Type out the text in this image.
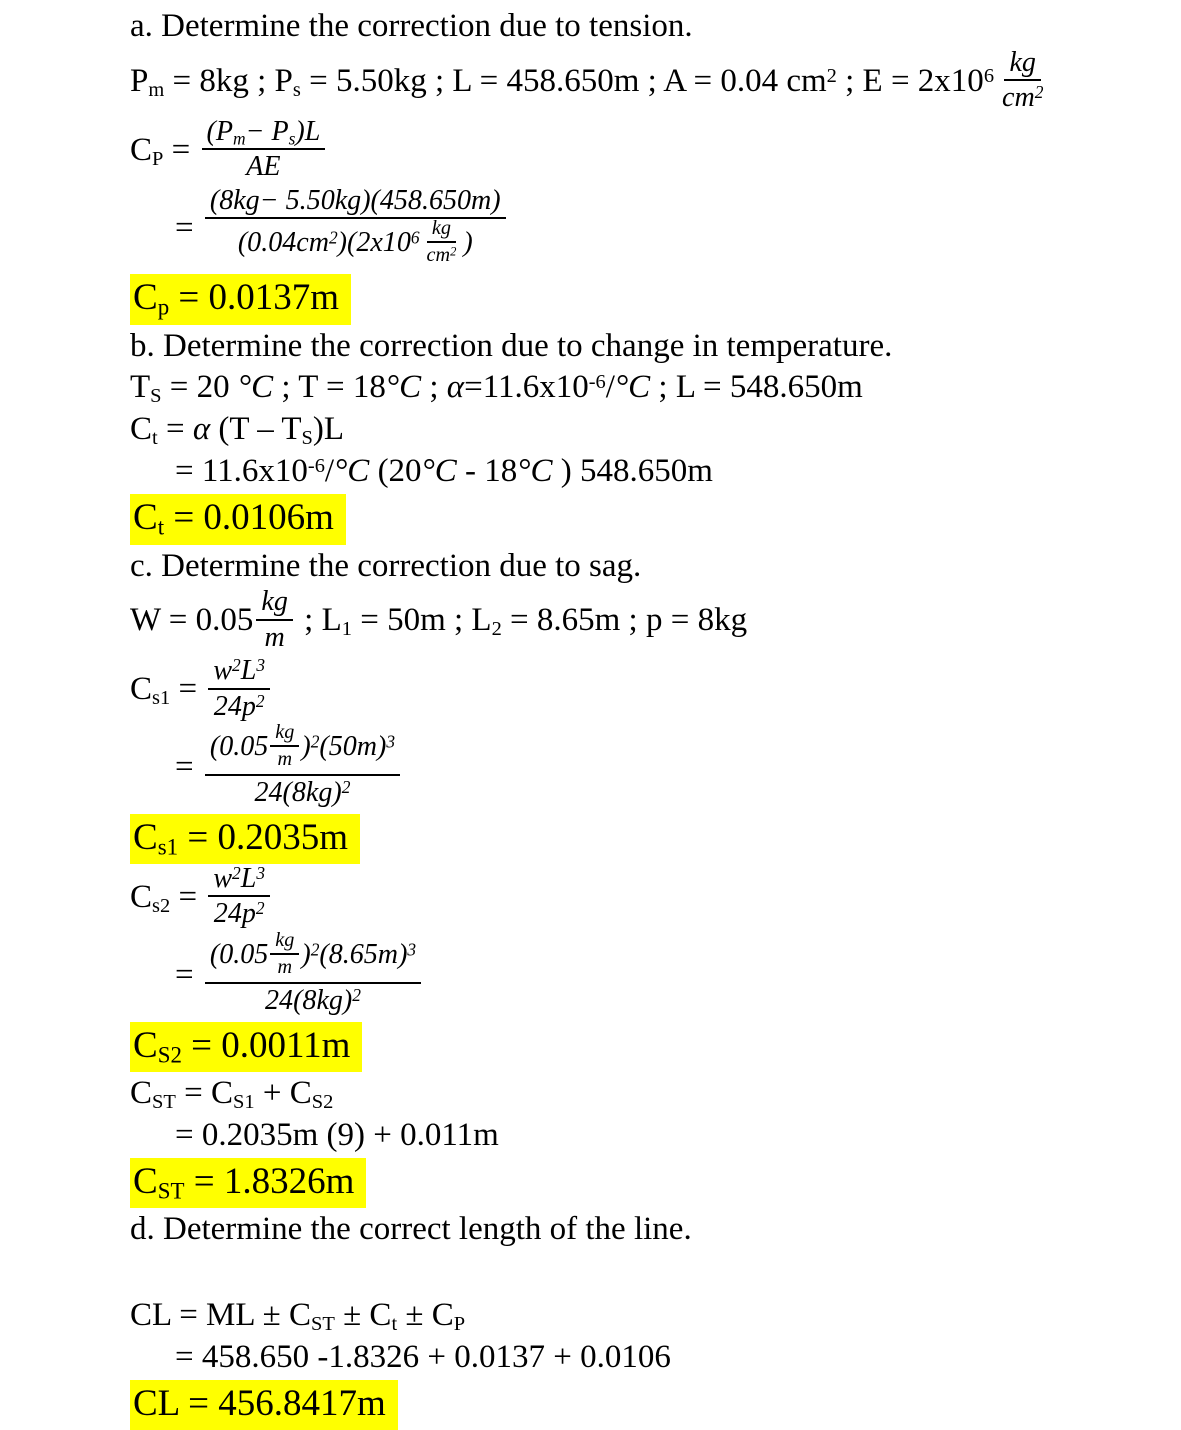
a. Determine the correction due to tension.
$P_m = 8kg$ ; $P_s = 5.50kg$ ; L = 458.650m ; A = 0.04 $cm^2$ ; $E = 2x10^6 \frac{kg}{cm^2}$
$C_P = \frac{(P_m- P_s)L}{AE}$
= $\frac{(8kg- 5.50kg)(458.650m)}{(0.04cm^2)(2x10^6 \frac{kg}{cm^2} )}$
$C_p = 0.0137m$
b. Determine the correction due to change in temperature.
$T_S = 20$ °C ; T = 18°C ; $\alpha=11.6x10^{-6}/^\circ C$ ; L = 548.650m
$C_t = \alpha$ $(T - T_S)L$
= $11.6x10^{-6}/^\circ C$ (20°C - 18°C ) 548.650m
$C_t = 0.0106m$
c. Determine the correction due to sag.
$W = 0.05 \frac{kg}{m}$ ; $L_1 = 50m$ ; $L_2 = 8.65m$ ; p = 8kg
$C_{s1} = \frac{w^2L^3}{24p^2}$
= $\frac{(0.05 \frac{kg}{m} )^2(50m)^3}{24(8kg)^2}$
$C_{s1} = 0.2035m$
$C_{s2} = \frac{w^2L^3}{24p^2}$
= $\frac{(0.05 \frac{kg}{m} )^2(8.65m)^3}{24(8kg)^2}$
$C_{S2} = 0.0011m$
$C_{ST} = C_{S1} + C_{S2}$
= 0.2035m (9) + 0.011m
$C_{ST} = 1.8326m$
d. Determine the correct length of the line.
CL = ML ± $C_{ST} \pm C_t \pm C_P$
= 458.650 -1.8326 + 0.0137 + 0.0106
CL = 456.8417m
